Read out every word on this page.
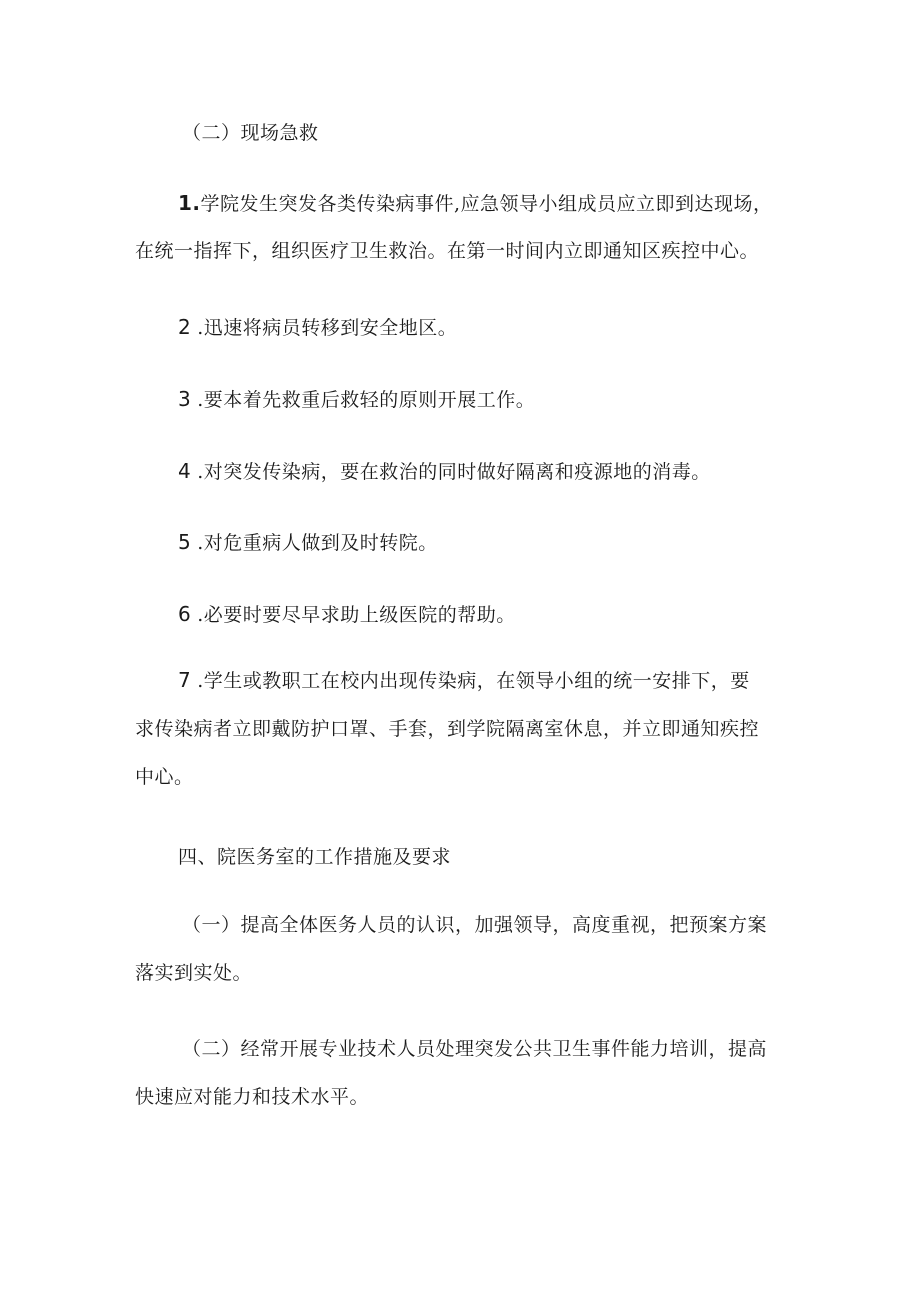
（二）现场急救

1.学院发生突发各类传染病事件,应急领导小组成员应立即到达现场，

在统一指挥下，组织医疗卫生救治。在第一时间内立即通知区疾控中心。

2 .迅速将病员转移到安全地区。

3 .要本着先救重后救轻的原则开展工作。

4 .对突发传染病，要在救治的同时做好隔离和疫源地的消毒。

5 .对危重病人做到及时转院。

6 .必要时要尽早求助上级医院的帮助。

7 .学生或教职工在校内出现传染病，在领导小组的统一安排下，要

求传染病者立即戴防护口罩、手套，到学院隔离室休息，并立即通知疾控

中心。

四、院医务室的工作措施及要求

（一）提高全体医务人员的认识，加强领导，高度重视，把预案方案

落实到实处。

（二）经常开展专业技术人员处理突发公共卫生事件能力培训，提高

快速应对能力和技术水平。
